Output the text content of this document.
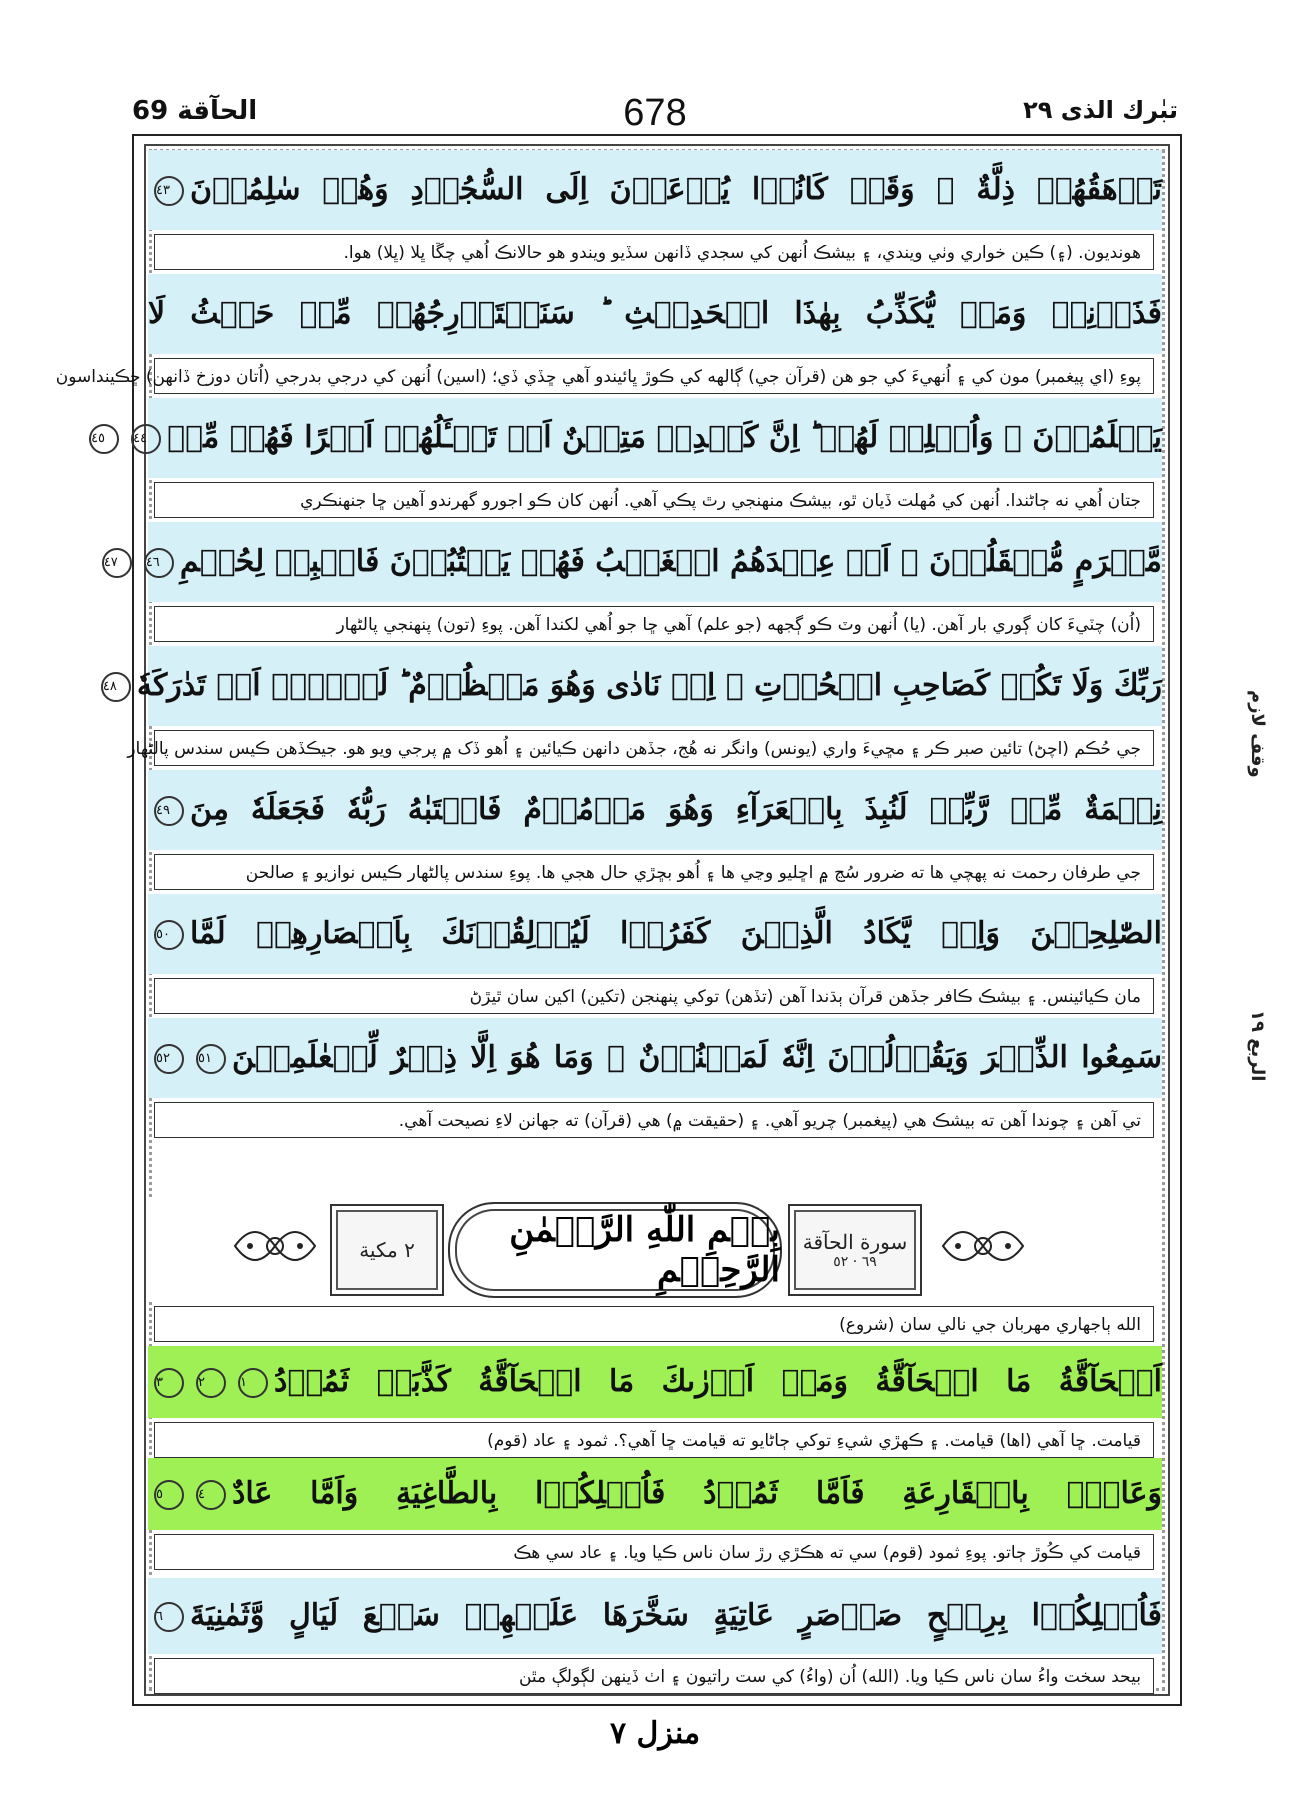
الحآقة 69	678	تبٰرك الذى ٢٩
وقف لازم
الربع ١٩
٢

مكية	بِسۡمِ اللّٰهِ الرَّحۡمٰنِ الرَّحِيۡمِ
سورة الحآقة
٦٩ · ٥٢
الله ٻاجهاري مهربان جي نالي سان (شروع)
تَرۡهَقُهُمۡ ذِلَّةٌ ۚ وَقَدۡ كَانُوۡا يُدۡعَوۡنَ اِلَى السُّجُوۡدِ وَهُمۡ سٰلِمُوۡنَ٤٣
هونديون. (۽) ڪين خواري وٺي ويندي، ۽ بيشڪ اُنهن کي سجدي ڏانهن سڏيو ويندو هو حالانڪ اُهي چڱا ڀلا (ڀلا) هوا.
فَذَرۡنِىۡ وَمَنۡ يُّكَذِّبُ بِهٰذَا الۡحَدِيۡثِ ؕ سَنَسۡتَدۡرِجُهُمۡ مِّنۡ حَيۡثُ لَا
پوءِ (اي پيغمبر) مون کي ۽ اُنهيءَ کي جو هن (قرآن جي) ڳالهه کي ڪوڙ ڀائيندو آهي ڇڏي ڏي؛ (اسين) اُنهن کي درجي بدرجي (اُتان دوزخ ڏانهن) ڇڪينداسون
يَعۡلَمُوۡنَ ۙ وَاُمۡلِىۡ لَهُمۡ ؕ اِنَّ كَيۡدِىۡ مَتِيۡنٌ اَمۡ تَسۡـَٔلُهُمۡ اَجۡرًا فَهُمۡ مِّنۡ٤٤٤٥
جتان اُهي نه ڄاڻندا. اُنهن کي مُهلت ڏيان ٿو، بيشڪ منهنجي رٿ پڪي آهي. اُنهن کان ڪو اجورو گهرندو آهين ڇا جنهنڪري
مَّغۡرَمٍ مُّثۡقَلُوۡنَ ۚ اَمۡ عِنۡدَهُمُ الۡغَيۡبُ فَهُمۡ يَكۡتُبُوۡنَ فَاصۡبِرۡ لِحُكۡمِ٤٦٤٧
(اُن) چٽيءَ کان ڳوري بار آهن. (يا) اُنهن وٽ ڪو ڳجهه (جو علم) آهي ڇا جو اُهي لکندا آهن. پوءِ (تون) پنهنجي پالڻهار
رَبِّكَ وَلَا تَكُنۡ كَصَاحِبِ الۡحُوۡتِ ۘ اِذۡ نَادٰى وَهُوَ مَكۡظُوۡمٌ ؕ لَوۡلَاۤ اَنۡ تَدٰرَكَهٗ٤٨
جي حُڪم (اچڻ) تائين صبر ڪر ۽ مڇيءَ واري (يونس) وانگر نه هُج، جڏهن دانهن ڪيائين ۽ اُهو ڏک ۾ پرجي ويو هو. جيڪڏهن ڪيس سندس پالڻهار
نِعۡمَةٌ مِّنۡ رَّبِّهٖ لَنُبِذَ بِالۡعَرَآءِ وَهُوَ مَذۡمُوۡمٌ فَاجۡتَبٰهُ رَبُّهٗ فَجَعَلَهٗ مِنَ٤٩
جي طرفان رحمت نه پهچي ها ته ضرور سُڃ ۾ اڇليو وڃي ها ۽ اُهو بڇڙي حال هجي ها. پوءِ سندس پالڻهار ڪيس نوازيو ۽ صالحن
الصّٰلِحِيۡنَ وَاِنۡ يَّكَادُ الَّذِيۡنَ كَفَرُوۡا لَيُزۡلِقُوۡنَكَ بِاَبۡصَارِهِمۡ لَمَّا٥٠
مان ڪيائينس. ۽ بيشڪ ڪافر جڏهن قرآن ٻڌندا آهن (تڏهن) توکي پنهنجن (تکين) اکين سان ٿيڙڻ
سَمِعُوا الذِّكۡرَ وَيَقُوۡلُوۡنَ اِنَّهٗ لَمَجۡنُوۡنٌ ۘ وَمَا هُوَ اِلَّا ذِكۡرٌ لِّلۡعٰلَمِيۡنَ٥١٥٢
تي آهن ۽ چوندا آهن ته بيشڪ هي (پيغمبر) چريو آهي. ۽ (حقيقت ۾) هي (قرآن) ته جهانن لاءِ نصيحت آهي.
اَلۡحَآقَّةُ مَا الۡحَآقَّةُ وَمَاۤ اَدۡرٰٮكَ مَا الۡحَآقَّةُ كَذَّبَتۡ ثَمُوۡدُ١٢٣
قيامت. ڇا آهي (اها) قيامت. ۽ ڪهڙي شيءِ توکي ڄاڻايو ته قيامت ڇا آهي؟. ثمود ۽ عاد (قوم)
وَعَادٌۢ بِالۡقَارِعَةِ فَاَمَّا ثَمُوۡدُ فَاُهۡلِكُوۡا بِالطَّاغِيَةِ وَاَمَّا عَادٌ٤٥
قيامت کي ڪُوڙ ڄاتو. پوءِ ثمود (قوم) سي ته هڪڙي رڙ سان ناس ڪيا ويا. ۽ عاد سي هڪ
فَاُهۡلِكُوۡا بِرِيۡحٍ صَرۡصَرٍ عَاتِيَةٍ سَخَّرَهَا عَلَيۡهِمۡ سَبۡعَ لَيَالٍ وَّثَمٰنِيَةَ٦
بيحد سخت واءُ سان ناس ڪيا ويا. (الله) اُن (واءُ) کي ست راتيون ۽ اٺ ڏينهن لڳولڳ مٿن
منزل ٧
